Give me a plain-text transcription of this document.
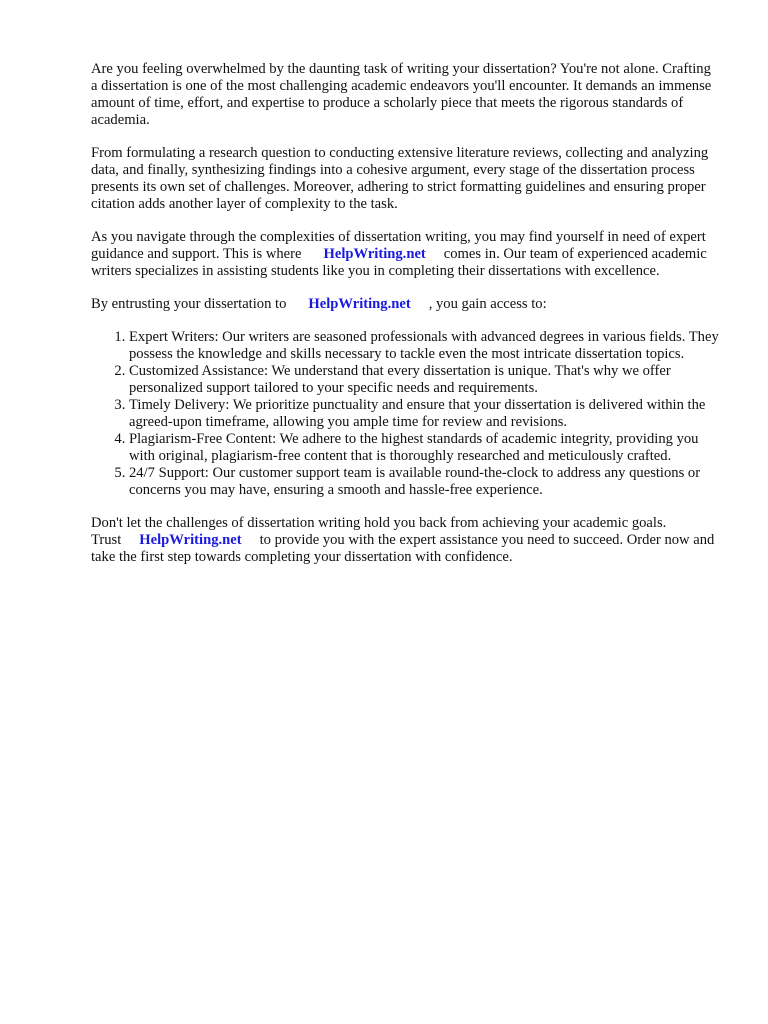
Are you feeling overwhelmed by the daunting task of writing your dissertation? You're not alone. Crafting a dissertation is one of the most challenging academic endeavors you'll encounter. It demands an immense amount of time, effort, and expertise to produce a scholarly piece that meets the rigorous standards of academia.

From formulating a research question to conducting extensive literature reviews, collecting and analyzing data, and finally, synthesizing findings into a cohesive argument, every stage of the dissertation process presents its own set of challenges. Moreover, adhering to strict formatting guidelines and ensuring proper citation adds another layer of complexity to the task.

As you navigate through the complexities of dissertation writing, you may find yourself in need of expert guidance and support. This is where HelpWriting.net comes in. Our team of experienced academic writers specializes in assisting students like you in completing their dissertations with excellence.

By entrusting your dissertation to HelpWriting.net , you gain access to:

1. Expert Writers: Our writers are seasoned professionals with advanced degrees in various fields. They possess the knowledge and skills necessary to tackle even the most intricate dissertation topics.
2. Customized Assistance: We understand that every dissertation is unique. That's why we offer personalized support tailored to your specific needs and requirements.
3. Timely Delivery: We prioritize punctuality and ensure that your dissertation is delivered within the agreed-upon timeframe, allowing you ample time for review and revisions.
4. Plagiarism-Free Content: We adhere to the highest standards of academic integrity, providing you with original, plagiarism-free content that is thoroughly researched and meticulously crafted.
5. 24/7 Support: Our customer support team is available round-the-clock to address any questions or concerns you may have, ensuring a smooth and hassle-free experience.

Don't let the challenges of dissertation writing hold you back from achieving your academic goals. Trust HelpWriting.net to provide you with the expert assistance you need to succeed. Order now and take the first step towards completing your dissertation with confidence.
